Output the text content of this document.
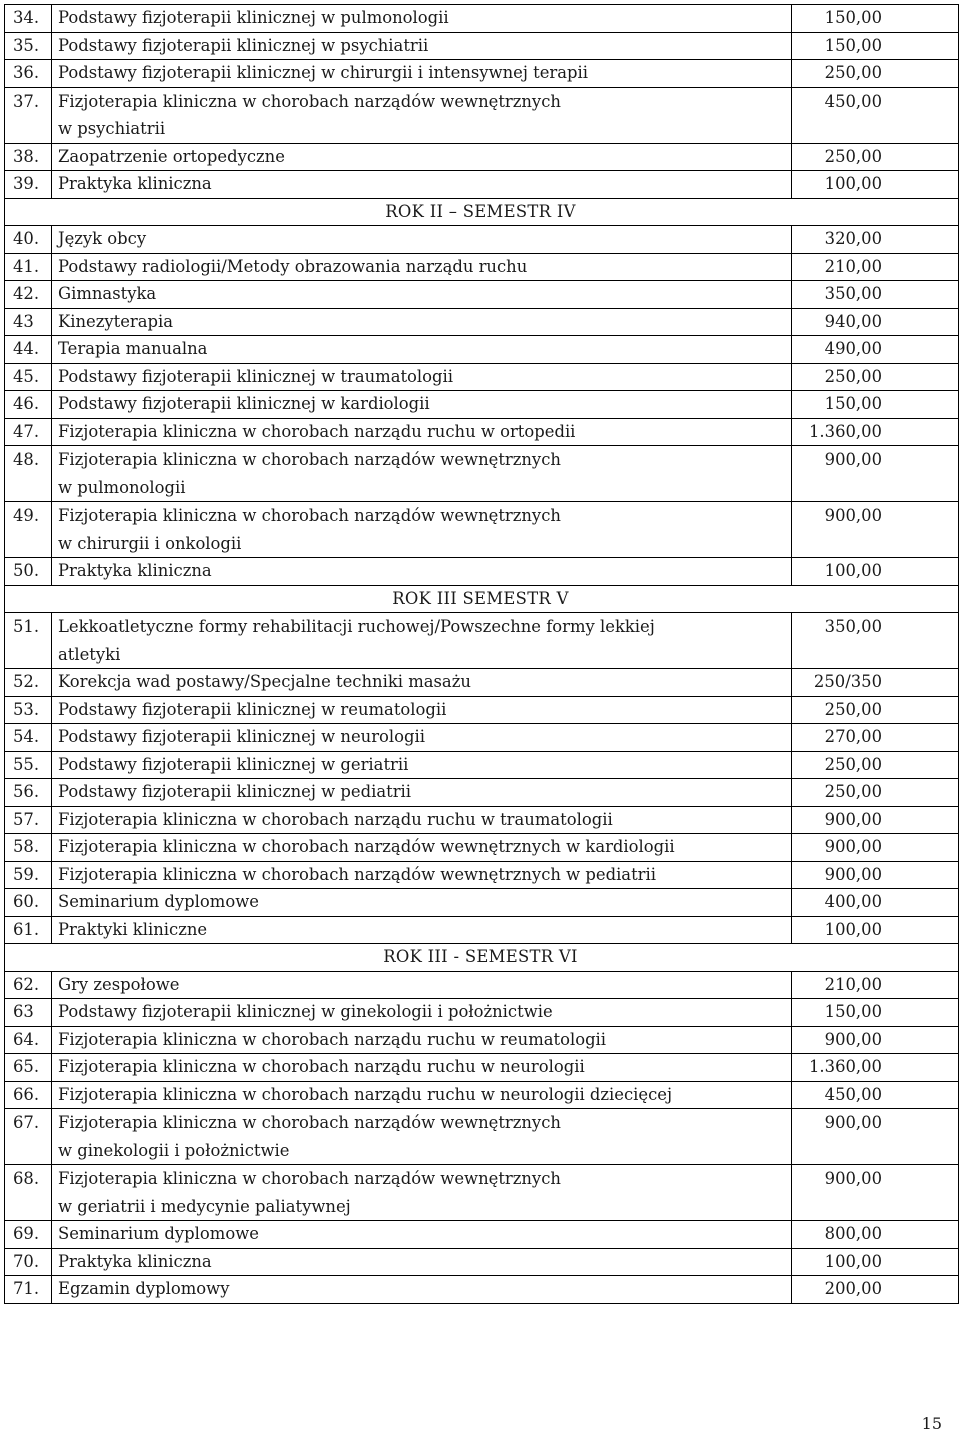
34.	Podstawy fizjoterapii klinicznej w pulmonologii	150,00
35.	Podstawy fizjoterapii klinicznej w psychiatrii	150,00
36.	Podstawy fizjoterapii klinicznej w chirurgii i intensywnej terapii	250,00
37.	Fizjoterapia kliniczna w chorobach narządów wewnętrznych
w psychiatrii	450,00
38.	Zaopatrzenie ortopedyczne	250,00
39.	Praktyka kliniczna	100,00
ROK II – SEMESTR IV		
40.	Język obcy	320,00
41.	Podstawy radiologii/Metody obrazowania narządu ruchu	210,00
42.	Gimnastyka	350,00
43	Kinezyterapia	940,00
44.	Terapia manualna	490,00
45.	Podstawy fizjoterapii klinicznej w traumatologii	250,00
46.	Podstawy fizjoterapii klinicznej w kardiologii	150,00
47.	Fizjoterapia kliniczna w chorobach narządu ruchu w ortopedii	1.360,00
48.	Fizjoterapia kliniczna w chorobach narządów wewnętrznych
w pulmonologii	900,00
49.	Fizjoterapia kliniczna w chorobach narządów wewnętrznych
w chirurgii i onkologii	900,00
50.	Praktyka kliniczna	100,00
ROK III SEMESTR V		
51.	Lekkoatletyczne formy rehabilitacji ruchowej/Powszechne formy lekkiej
atletyki	350,00
52.	Korekcja wad postawy/Specjalne techniki masażu	250/350
53.	Podstawy fizjoterapii klinicznej w reumatologii	250,00
54.	Podstawy fizjoterapii klinicznej w neurologii	270,00
55.	Podstawy fizjoterapii klinicznej w geriatrii	250,00
56.	Podstawy fizjoterapii klinicznej w pediatrii	250,00
57.	Fizjoterapia kliniczna w chorobach narządu ruchu w traumatologii	900,00
58.	Fizjoterapia kliniczna w chorobach narządów wewnętrznych w kardiologii	900,00
59.	Fizjoterapia kliniczna w chorobach narządów wewnętrznych w pediatrii	900,00
60.	Seminarium dyplomowe	400,00
61.	Praktyki kliniczne	100,00
ROK III - SEMESTR VI		
62.	Gry zespołowe	210,00
63	Podstawy fizjoterapii klinicznej w ginekologii i położnictwie	150,00
64.	Fizjoterapia kliniczna w chorobach narządu ruchu w reumatologii	900,00
65.	Fizjoterapia kliniczna w chorobach narządu ruchu w neurologii	1.360,00
66.	Fizjoterapia kliniczna w chorobach narządu ruchu w neurologii dziecięcej	450,00
67.	Fizjoterapia kliniczna w chorobach narządów wewnętrznych
w ginekologii i położnictwie	900,00
68.	Fizjoterapia kliniczna w chorobach narządów wewnętrznych
w geriatrii i medycynie paliatywnej	900,00
69.	Seminarium dyplomowe	800,00
70.	Praktyka kliniczna	100,00
71.	Egzamin dyplomowy	200,00
15
